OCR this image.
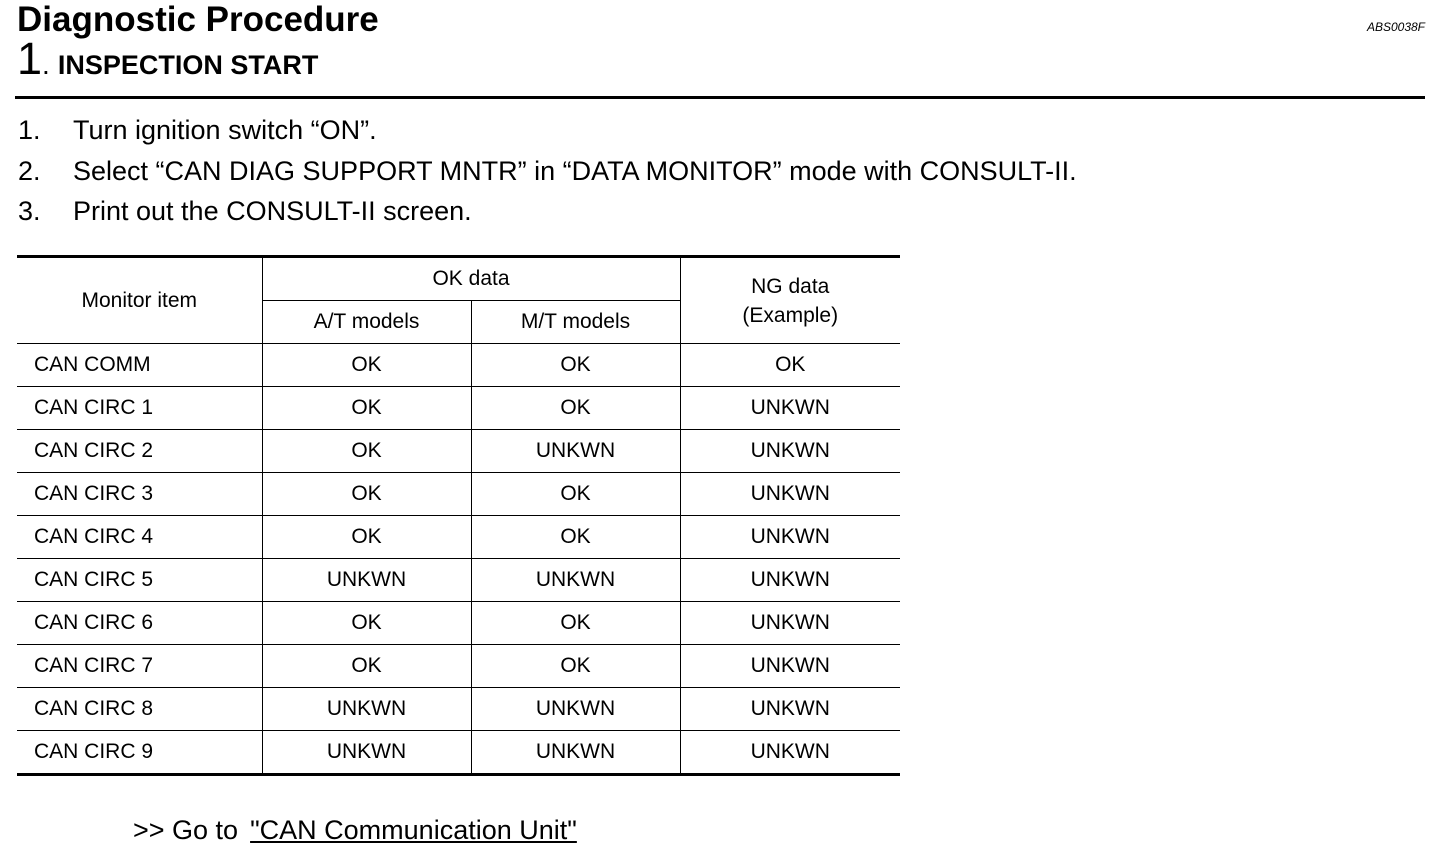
Diagnostic Procedure	ABS0038F
1. INSPECTION START
1.	Turn ignition switch “ON”.
2.	Select “CAN DIAG SUPPORT MNTR” in “DATA MONITOR” mode with CONSULT-II.
3.	Print out the CONSULT-II screen.
Monitor item	OK data		NG data
(Example)
	A/T models	M/T models	
CAN COMM	OK	OK	OK
CAN CIRC 1	OK	OK	UNKWN
CAN CIRC 2	OK	UNKWN	UNKWN
CAN CIRC 3	OK	OK	UNKWN
CAN CIRC 4	OK	OK	UNKWN
CAN CIRC 5	UNKWN	UNKWN	UNKWN
CAN CIRC 6	OK	OK	UNKWN
CAN CIRC 7	OK	OK	UNKWN
CAN CIRC 8	UNKWN	UNKWN	UNKWN
CAN CIRC 9	UNKWN	UNKWN	UNKWN
>> Go to "CAN Communication Unit"
